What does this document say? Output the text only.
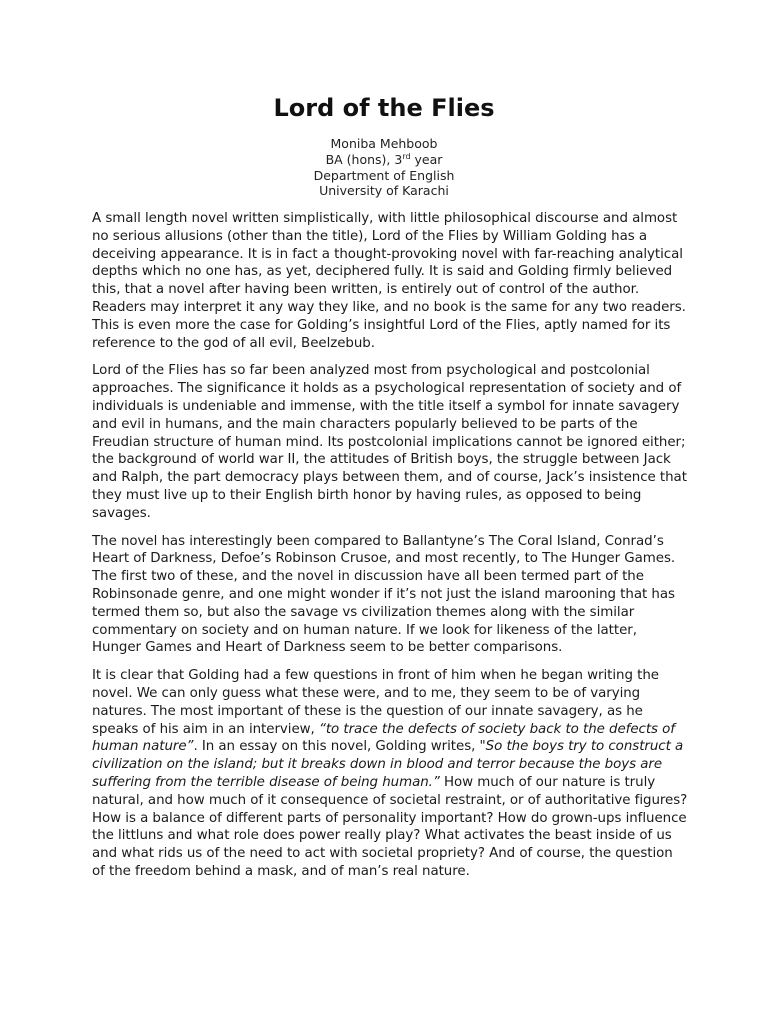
Lord of the Flies
Moniba Mehboob
BA (hons), 3rd year
Department of English
University of Karachi

A small length novel written simplistically, with little philosophical discourse and almost no serious allusions (other than the title), Lord of the Flies by William Golding has a deceiving appearance. It is in fact a thought-provoking novel with far-reaching analytical depths which no one has, as yet, deciphered fully. It is said and Golding firmly believed this, that a novel after having been written, is entirely out of control of the author. Readers may interpret it any way they like, and no book is the same for any two readers. This is even more the case for Golding’s insightful Lord of the Flies, aptly named for its reference to the god of all evil, Beelzebub.

Lord of the Flies has so far been analyzed most from psychological and postcolonial approaches. The significance it holds as a psychological representation of society and of individuals is undeniable and immense, with the title itself a symbol for innate savagery and evil in humans, and the main characters popularly believed to be parts of the Freudian structure of human mind. Its postcolonial implications cannot be ignored either; the background of world war II, the attitudes of British boys, the struggle between Jack and Ralph, the part democracy plays between them, and of course, Jack’s insistence that they must live up to their English birth honor by having rules, as opposed to being savages.

The novel has interestingly been compared to Ballantyne’s The Coral Island, Conrad’s Heart of Darkness, Defoe’s Robinson Crusoe, and most recently, to The Hunger Games. The first two of these, and the novel in discussion have all been termed part of the Robinsonade genre, and one might wonder if it’s not just the island marooning that has termed them so, but also the savage vs civilization themes along with the similar commentary on society and on human nature. If we look for likeness of the latter, Hunger Games and Heart of Darkness seem to be better comparisons.

It is clear that Golding had a few questions in front of him when he began writing the novel. We can only guess what these were, and to me, they seem to be of varying natures. The most important of these is the question of our innate savagery, as he speaks of his aim in an interview, “to trace the defects of society back to the defects of human nature”. In an essay on this novel, Golding writes, "So the boys try to construct a civilization on the island; but it breaks down in blood and terror because the boys are suffering from the terrible disease of being human.” How much of our nature is truly natural, and how much of it consequence of societal restraint, or of authoritative figures? How is a balance of different parts of personality important? How do grown-ups influence the littluns and what role does power really play? What activates the beast inside of us and what rids us of the need to act with societal propriety? And of course, the question of the freedom behind a mask, and of man’s real nature.
